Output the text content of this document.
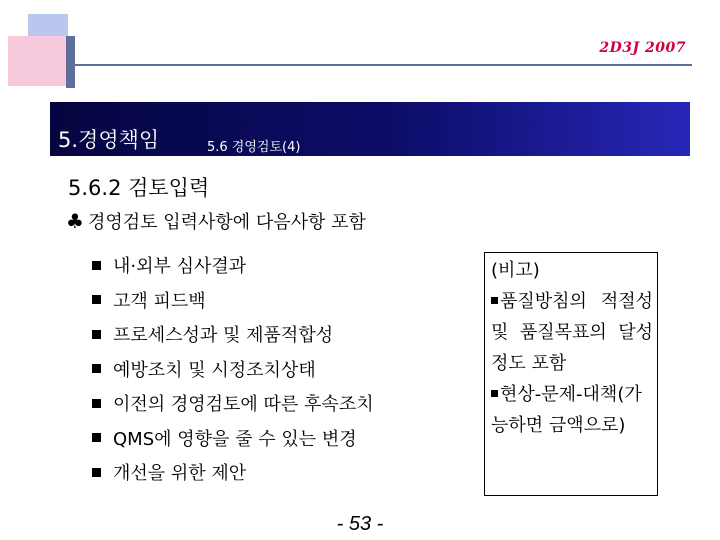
2D3J 2007
5.경영책임	5.6 경영검토(4)
5.6.2 검토입력
♣ 경영검토 입력사항에 다음사항 포함
내·외부 심사결과
고객 피드백
프로세스성과 및 제품적합성
예방조치 및 시정조치상태
이전의 경영검토에 따른 후속조치
QMS에 영향을 줄 수 있는 변경
개선을 위한 제안
(비고)
품질방침의 적절성 및 품질목표의 달성 정도 포함
현상-문제-대책(가능하면 금액으로)
- 53 -
